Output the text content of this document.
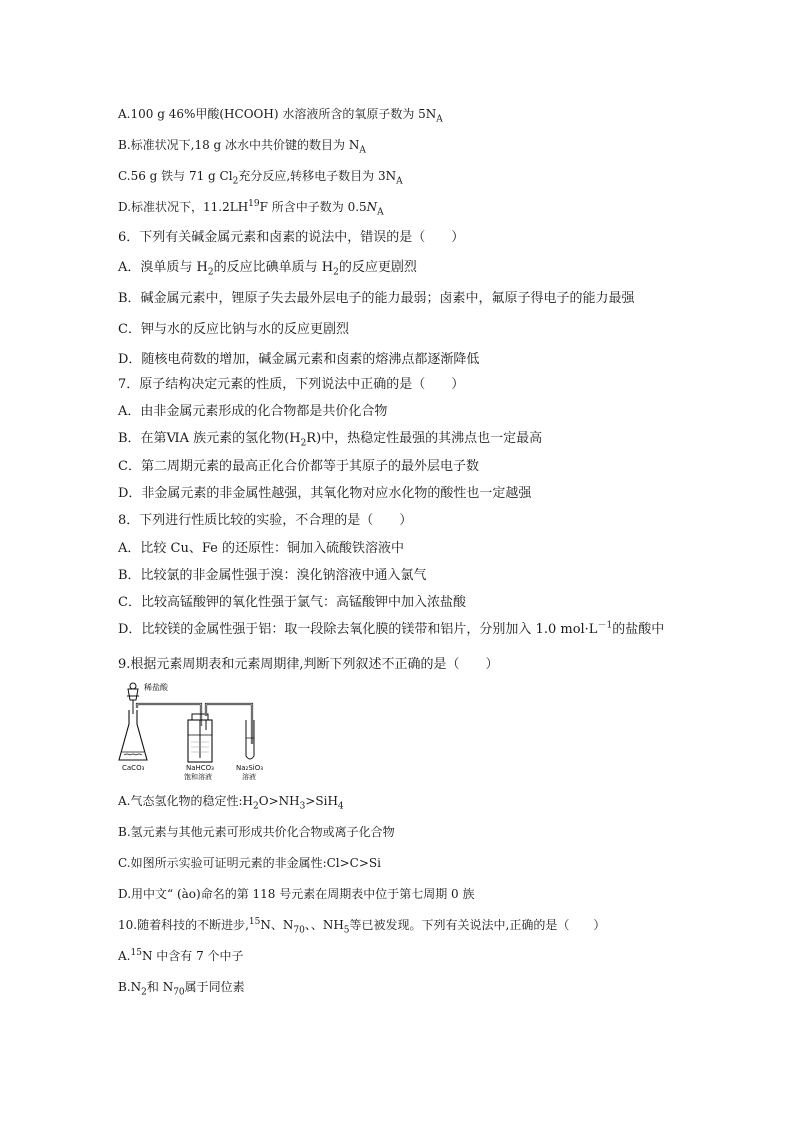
A.100 g 46%甲酸(HCOOH) 水溶液所含的氧原子数为 $5N_A$
B.标准状况下,18 g 冰水中共价键的数目为 $N_A$
C.56 g 铁与 71 g $Cl_2$充分反应,转移电子数目为 $3N_A$
D.标准状况下，11.2LH$^{19}$F 所含中子数为 $0.5N_A$
6．下列有关碱金属元素和卤素的说法中，错误的是（　　）
A．溴单质与 $H_2$的反应比碘单质与 $H_2$的反应更剧烈
B．碱金属元素中，锂原子失去最外层电子的能力最弱；卤素中，氟原子得电子的能力最强
C．钾与水的反应比钠与水的反应更剧烈
D．随核电荷数的增加，碱金属元素和卤素的熔沸点都逐渐降低
7．原子结构决定元素的性质，下列说法中正确的是（　　）
A．由非金属元素形成的化合物都是共价化合物
B．在第ⅥA 族元素的氢化物$(H_2R)$中，热稳定性最强的其沸点也一定最高
C．第二周期元素的最高正化合价都等于其原子的最外层电子数
D．非金属元素的非金属性越强，其氧化物对应水化物的酸性也一定越强
8．下列进行性质比较的实验，不合理的是（　　）
A．比较 Cu、Fe 的还原性：铜加入硫酸铁溶液中
B．比较氯的非金属性强于溴：溴化钠溶液中通入氯气
C．比较高锰酸钾的氧化性强于氯气：高锰酸钾中加入浓盐酸
D．比较镁的金属性强于铝：取一段除去氧化膜的镁带和铝片，分别加入 1.0 $mol\cdot L^{-1}$的盐酸中
9.根据元素周期表和元素周期律,判断下列叙述不正确的是（　　）
稀盐酸
CaCO₃	NaHCO₃
饱和溶液
Na₂SiO₃
溶液
A.气态氢化物的稳定性$:H_2O>NH_3>SiH_4$
B.氢元素与其他元素可形成共价化合物或离子化合物
C.如图所示实验可证明元素的非金属性:Cl>C>Si
D.用中文“ (ào)命名的第 118 号元素在周期表中位于第七周期 0 族
10.随着科技的不断进步,$^{15}$N、$N_{70}$、、$NH_5$等已被发现。下列有关说法中,正确的是（　　）
A.$^{15}$N 中含有 7 个中子
$B.N_2$和 $N_{70}$属于同位素
